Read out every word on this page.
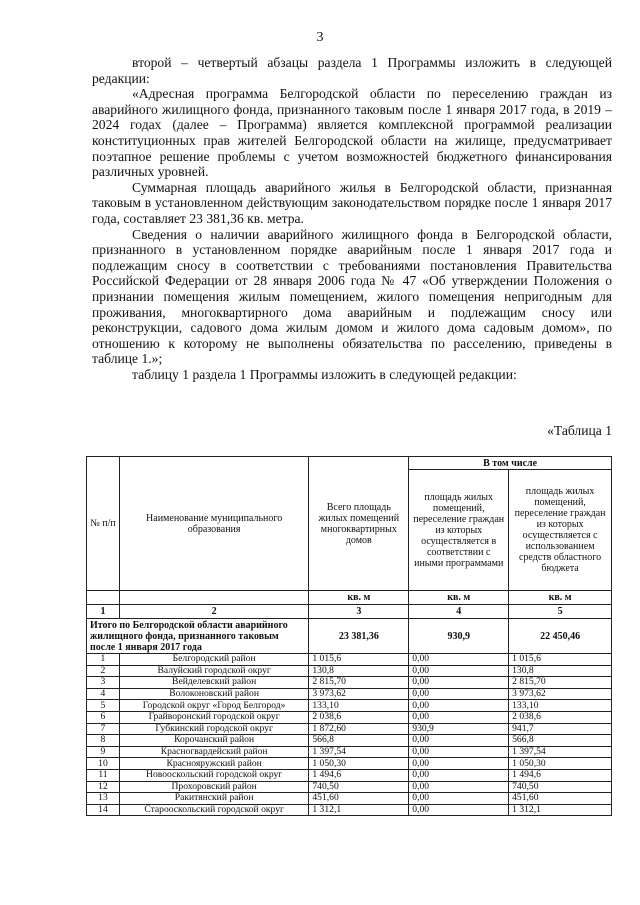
3

второй – четвертый абзацы раздела 1 Программы изложить в следующей редакции:

«Адресная программа Белгородской области по переселению граждан из аварийного жилищного фонда, признанного таковым после 1 января 2017 года, в 2019 – 2024 годах (далее – Программа) является комплексной программой реализации конституционных прав жителей Белгородской области на жилище, предусматривает поэтапное решение проблемы с учетом возможностей бюджетного финансирования различных уровней.

Суммарная площадь аварийного жилья в Белгородской области, признанная таковым в установленном действующим законодательством порядке после 1 января 2017 года, составляет 23 381,36 кв. метра.

Сведения о наличии аварийного жилищного фонда в Белгородской области, признанного в установленном порядке аварийным после 1 января 2017 года и подлежащим сносу в соответствии с требованиями постановления Правительства Российской Федерации от 28 января 2006 года № 47 «Об утверждении Положения о признании помещения жилым помещением, жилого помещения непригодным для проживания, многоквартирного дома аварийным и подлежащим сносу или реконструкции, садового дома жилым домом и жилого дома садовым домом», по отношению к которому не выполнены обязательства по расселению, приведены в таблице 1.»;

таблицу 1 раздела 1 Программы изложить в следующей редакции:

«Таблица 1
№ п/п	Наименование муниципального образования	Всего площадь жилых помещений многоквартирных домов	В том числе	
			площадь жилых помещений, переселение граждан из которых осуществляется в соответствии с иными программами	площадь жилых помещений, переселение граждан из которых осуществляется с использованием средств областного бюджета
		кв. м	кв. м	кв. м
1	2	3	4	5
Итого по Белгородской области аварийного жилищного фонда, признанного таковым после 1 января 2017 года		23 381,36	930,9	22 450,46
1	Белгородский район	1 015,6	0,00	1 015,6
2	Валуйский городской округ	130,8	0,00	130,8
3	Вейделевский район	2 815,70	0,00	2 815,70
4	Волоконовский район	3 973,62	0,00	3 973,62
5	Городской округ «Город Белгород»	133,10	0,00	133,10
6	Грайворонский городской округ	2 038,6	0,00	2 038,6
7	Губкинский городской округ	1 872,60	930,9	941,7
8	Корочанский район	566,8	0,00	566,8
9	Красногвардейский район	1 397,54	0,00	1 397,54
10	Краснояружский район	1 050,30	0,00	1 050,30
11	Новооскольский городской округ	1 494,6	0,00	1 494,6
12	Прохоровский район	740,50	0,00	740,50
13	Ракитянский район	451,60	0,00	451,60
14	Старооскольский городской округ	1 312,1	0,00	1 312,1
